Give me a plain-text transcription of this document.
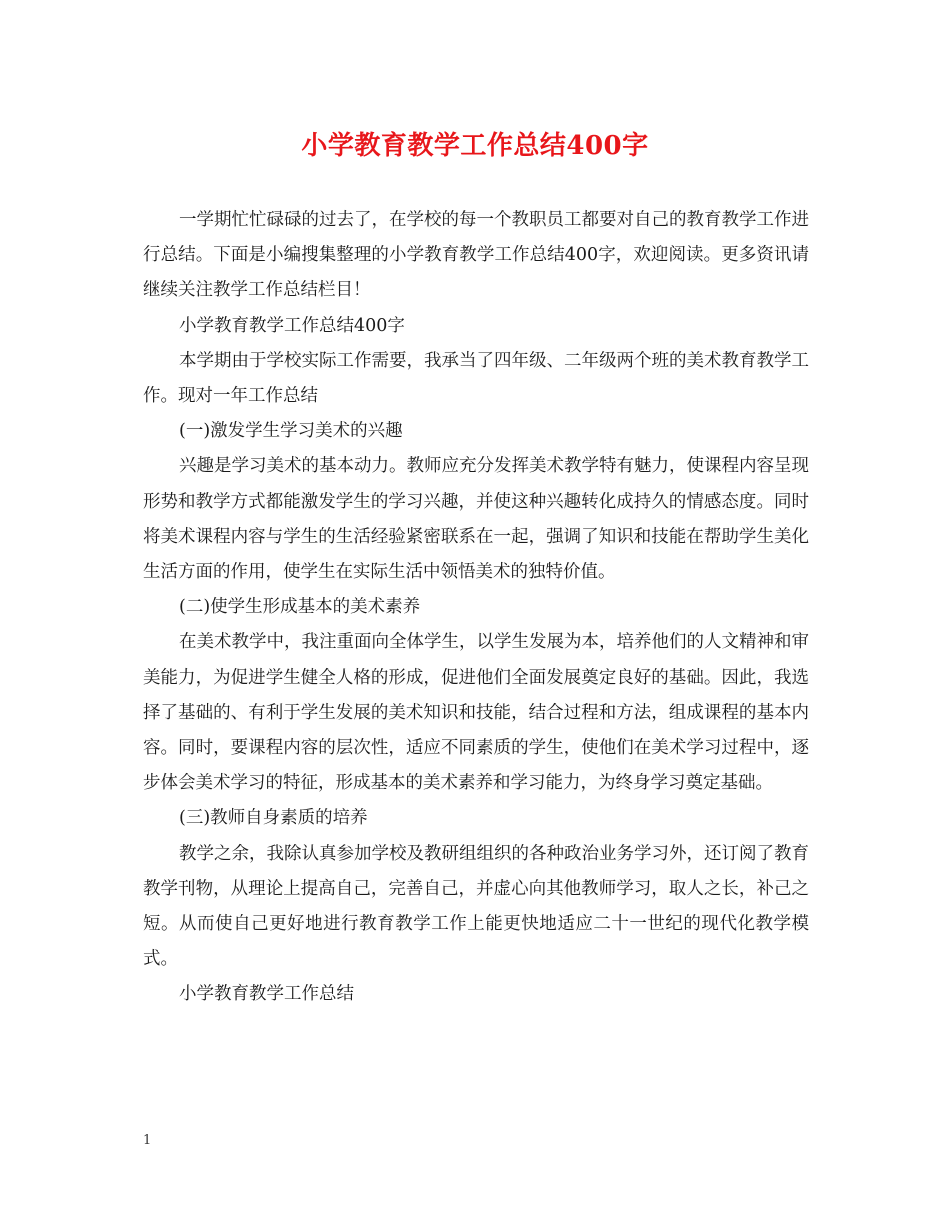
小学教育教学工作总结400字

一学期忙忙碌碌的过去了，在学校的每一个教职员工都要对自己的教育教学工作进行总结。下面是小编搜集整理的小学教育教学工作总结400字，欢迎阅读。更多资讯请继续关注教学工作总结栏目！

小学教育教学工作总结400字

本学期由于学校实际工作需要，我承当了四年级、二年级两个班的美术教育教学工作。现对一年工作总结

(一)激发学生学习美术的兴趣

兴趣是学习美术的基本动力。教师应充分发挥美术教学特有魅力，使课程内容呈现形势和教学方式都能激发学生的学习兴趣，并使这种兴趣转化成持久的情感态度。同时将美术课程内容与学生的生活经验紧密联系在一起，强调了知识和技能在帮助学生美化生活方面的作用，使学生在实际生活中领悟美术的独特价值。

(二)使学生形成基本的美术素养

在美术教学中，我注重面向全体学生，以学生发展为本，培养他们的人文精神和审美能力，为促进学生健全人格的形成，促进他们全面发展奠定良好的基础。因此，我选择了基础的、有利于学生发展的美术知识和技能，结合过程和方法，组成课程的基本内容。同时，要课程内容的层次性，适应不同素质的学生，使他们在美术学习过程中，逐步体会美术学习的特征，形成基本的美术素养和学习能力，为终身学习奠定基础。

(三)教师自身素质的培养

教学之余，我除认真参加学校及教研组组织的各种政治业务学习外，还订阅了教育教学刊物，从理论上提高自己，完善自己，并虚心向其他教师学习，取人之长，补己之短。从而使自己更好地进行教育教学工作上能更快地适应二十一世纪的现代化教学模式。

小学教育教学工作总结

1
